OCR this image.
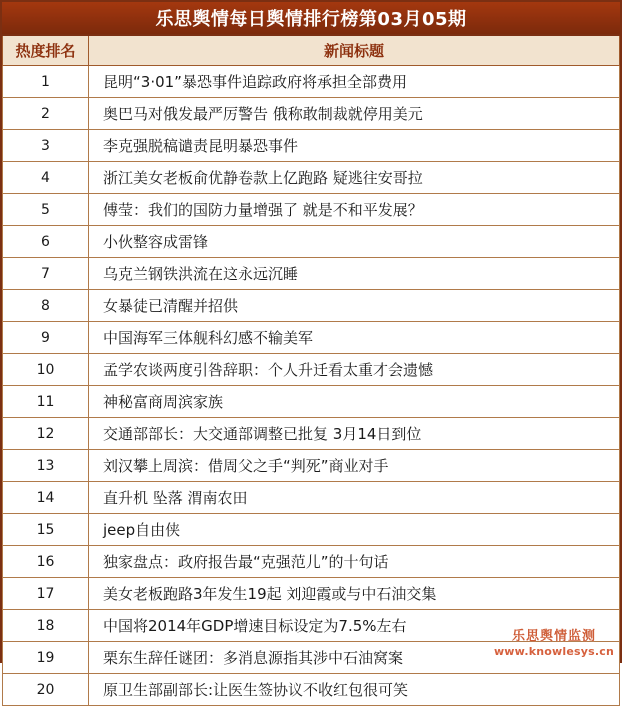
乐思舆情每日舆情排行榜第03月05期
热度排名	新闻标题
1	昆明“3·01”暴恐事件追踪政府将承担全部费用
2	奥巴马对俄发最严厉警告 俄称敢制裁就停用美元
3	李克强脱稿谴责昆明暴恐事件
4	浙江美女老板俞优静卷款上亿跑路 疑逃往安哥拉
5	傅莹：我们的国防力量增强了 就是不和平发展？
6	小伙整容成雷锋
7	乌克兰钢铁洪流在这永远沉睡
8	女暴徒已清醒并招供
9	中国海军三体舰科幻感不输美军
10	孟学农谈两度引咎辞职：个人升迁看太重才会遗憾
11	神秘富商周滨家族
12	交通部部长：大交通部调整已批复 3月14日到位
13	刘汉攀上周滨：借周父之手“判死”商业对手
14	直升机 坠落 渭南农田
15	jeep自由侠
16	独家盘点：政府报告最“克强范儿”的十句话
17	美女老板跑路3年发生19起 刘迎霞或与中石油交集
18	中国将2014年GDP增速目标设定为7.5%左右
19	栗东生辞任谜团：多消息源指其涉中石油窝案
20	原卫生部副部长:让医生签协议不收红包很可笑
乐思舆情监测
www.knowlesys.cn
